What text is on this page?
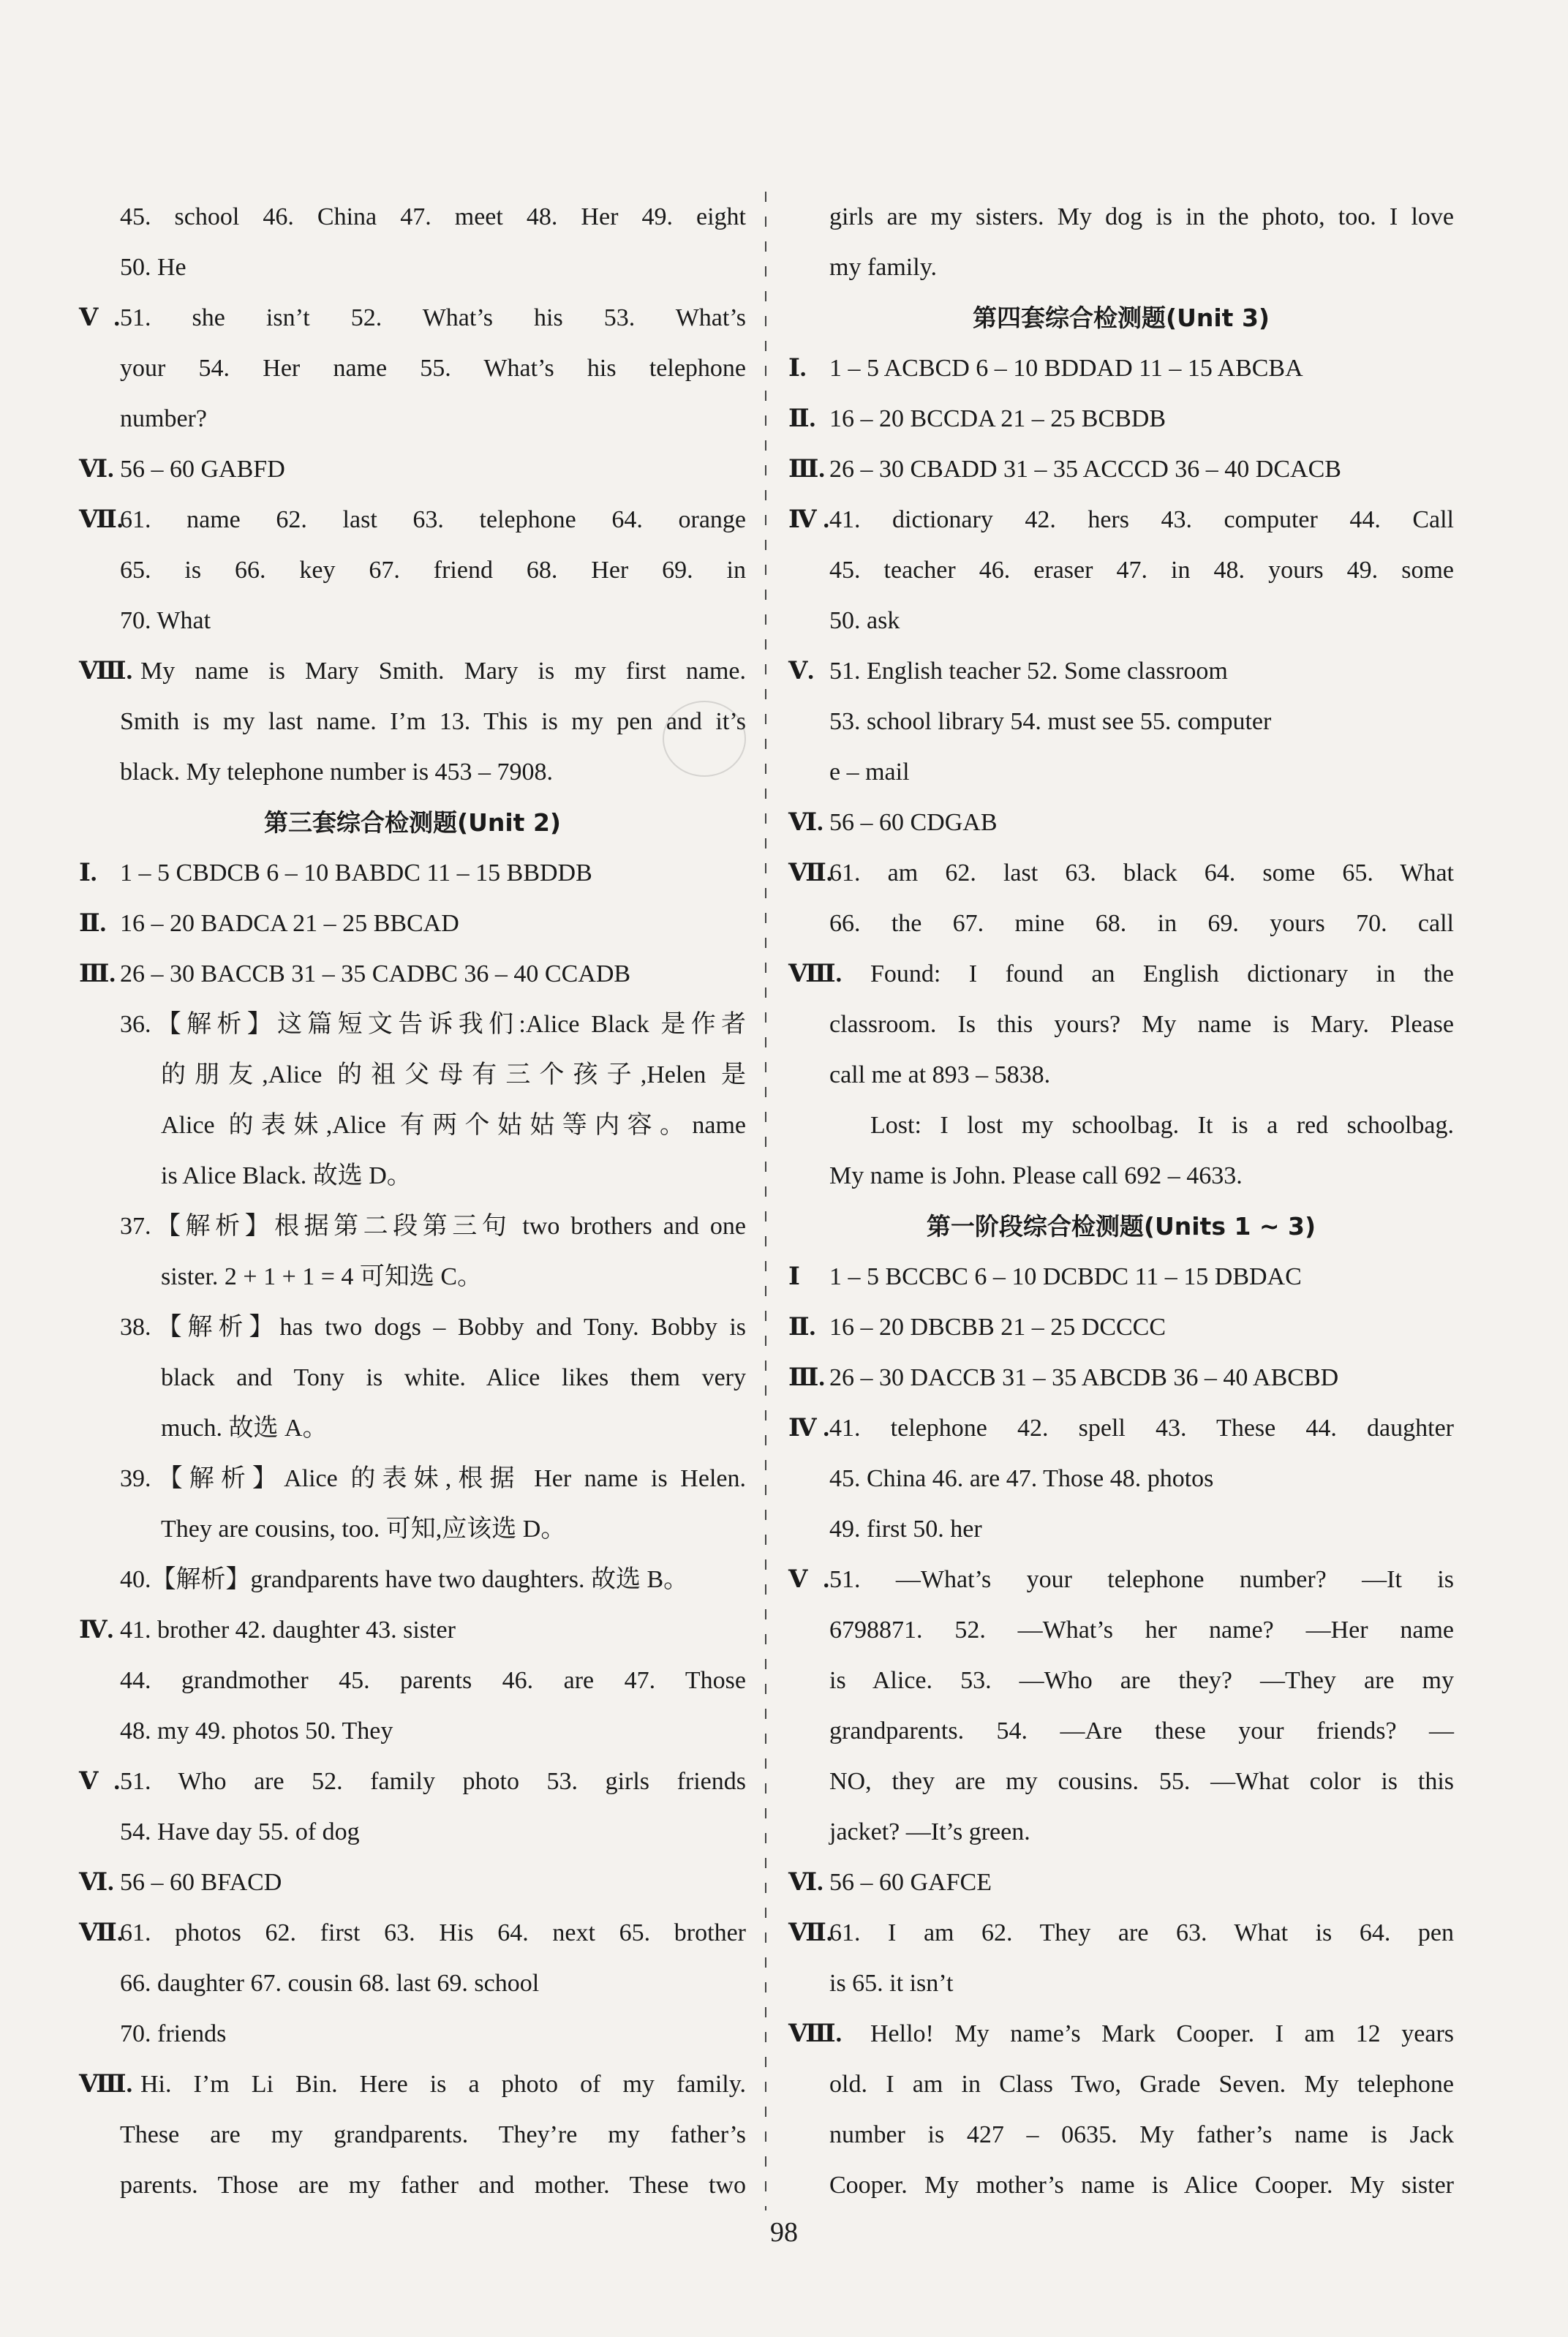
45. school 46. China 47. meet 48. Her 49. eight
50. He
Ⅴ. 51. she isn’t 52. What’s his 53. What’s
your 54. Her name 55. What’s his telephone
number?
Ⅵ. 56 – 60 GABFD
Ⅶ.
61. name 62. last 63. telephone 64. orange
65. is 66. key 67. friend 68. Her 69. in
70. What
Ⅷ. My name is Mary Smith. Mary is my first name.
Smith is my last name. I’m 13. This is my pen and it’s
black. My telephone number is 453 – 7908.
第三套综合检测题(Unit 2)
Ⅰ. 1 – 5 CBDCB 6 – 10 BABDC 11 – 15 BBDDB
Ⅱ. 16 – 20 BADCA 21 – 25 BBCAD
Ⅲ. 26 – 30 BACCB 31 – 35 CADBC 36 – 40 CCADB
36.【解析】这篇短文告诉我们:Alice Black 是作者
的朋友,Alice 的祖父母有三个孩子,Helen 是
Alice 的表妹,Alice 有两个姑姑等内容。name
is Alice Black. 故选 D。
37.【解析】根据第二段第三句 two brothers and one
sister. 2 + 1 + 1 = 4 可知选 C。
38.【解析】has two dogs – Bobby and Tony. Bobby is
black and Tony is white. Alice likes them very
much. 故选 A。
39.【解析】Alice 的表妹,根据 Her name is Helen.
They are cousins, too. 可知,应该选 D。
40.【解析】grandparents have two daughters. 故选 B。
Ⅳ. 41. brother 42. daughter 43. sister
44. grandmother 45. parents 46. are 47. Those
48. my 49. photos 50. They
Ⅴ. 51. Who are 52. family photo 53. girls friends
54. Have day 55. of dog
Ⅵ. 56 – 60 BFACD
Ⅶ.
61. photos 62. first 63. His 64. next 65. brother
66. daughter 67. cousin 68. last 69. school
70. friends
Ⅷ. Hi. I’m Li Bin. Here is a photo of my family.
These are my grandparents. They’re my father’s
parents. Those are my father and mother. These two
girls are my sisters. My dog is in the photo, too. I love
my family.
第四套综合检测题(Unit 3)
Ⅰ. 1 – 5 ACBCD 6 – 10 BDDAD 11 – 15 ABCBA
Ⅱ. 16 – 20 BCCDA 21 – 25 BCBDB
Ⅲ. 26 – 30 CBADD 31 – 35 ACCCD 36 – 40 DCACB
Ⅳ. 41. dictionary 42. hers 43. computer 44. Call
45. teacher 46. eraser 47. in 48. yours 49. some
50. ask
Ⅴ. 51. English teacher 52. Some classroom
53. school library 54. must see 55. computer
e – mail
Ⅵ. 56 – 60 CDGAB
Ⅶ.
61. am 62. last 63. black 64. some 65. What
66. the 67. mine 68. in 69. yours 70. call
Ⅷ. Found: I found an English dictionary in the
classroom. Is this yours? My name is Mary. Please
call me at 893 – 5838.
Lost: I lost my schoolbag. It is a red schoolbag.
My name is John. Please call 692 – 4633.
第一阶段综合检测题(Units 1 ~ 3)
Ⅰ	1 – 5 BCCBC 6 – 10 DCBDC 11 – 15 DBDAC
Ⅱ. 16 – 20 DBCBB 21 – 25 DCCCC
Ⅲ. 26 – 30 DACCB 31 – 35 ABCDB 36 – 40 ABCBD
Ⅳ. 41. telephone 42. spell 43. These 44. daughter
45. China 46. are 47. Those 48. photos
49. first 50. her
Ⅴ. 51. —What’s your telephone number? —It is
6798871. 52. —What’s her name? —Her name
is Alice. 53. —Who are they? —They are my
grandparents. 54. —Are these your friends? —
NO, they are my cousins. 55. —What color is this
jacket? —It’s green.
Ⅵ. 56 – 60 GAFCE
Ⅶ.
61. I am 62. They are 63. What is 64. pen
is 65. it isn’t
Ⅷ. Hello! My name’s Mark Cooper. I am 12 years
old. I am in Class Two, Grade Seven. My telephone
number is 427 – 0635. My father’s name is Jack
Cooper. My mother’s name is Alice Cooper. My sister
98
